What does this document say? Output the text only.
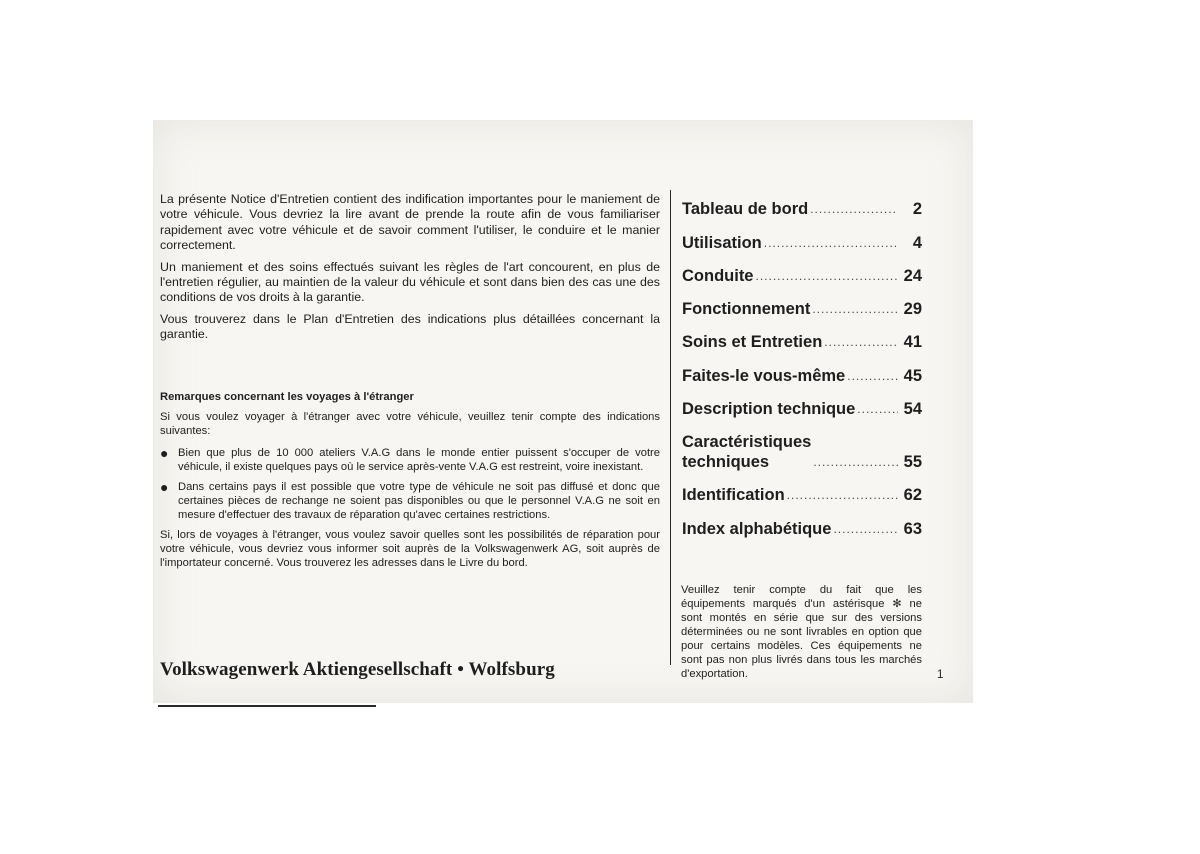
La présente Notice d'Entretien contient des indification importantes pour le maniement de votre véhicule. Vous devriez la lire avant de prende la route afin de vous familiariser rapidement avec votre véhicule et de savoir comment l'utiliser, le conduire et le manier correctement.

Un maniement et des soins effectués suivant les règles de l'art concourent, en plus de l'entretien régulier, au maintien de la valeur du véhicule et sont dans bien des cas une des conditions de vos droits à la garantie.

Vous trouverez dans le Plan d'Entretien des indications plus détaillées concernant la garantie.

Remarques concernant les voyages à l'étranger

Si vous voulez voyager à l'étranger avec votre véhicule, veuillez tenir compte des indications suivantes:

● Bien que plus de 10 000 ateliers V.A.G dans le monde entier puissent s'occuper de votre véhicule, il existe quelques pays où le service après-vente V.A.G est restreint, voire inexistant.
● Dans certains pays il est possible que votre type de véhicule ne soit pas diffusé et donc que certaines pièces de rechange ne soient pas disponibles ou que le personnel V.A.G ne soit en mesure d'effectuer des travaux de réparation qu'avec certaines restrictions.

Si, lors de voyages à l'étranger, vous voulez savoir quelles sont les possibilités de réparation pour votre véhicule, vous devriez vous informer soit auprès de la Volkswagenwerk AG, soit auprès de l'importateur concerné. Vous trouverez les adresses dans le Livre du bord.

Volkswagenwerk Aktiengesellschaft • Wolfsburg
Tableau de bord .....	2
Utilisation .....	4
Conduite .....	24
Fonctionnement .....	29
Soins et Entretien .....	41
Faites-le vous-même .....	45
Description technique .....	54
Caractéristiques
techniques .....	55
Identification .....	62
Index alphabétique .....	63
Veuillez tenir compte du fait que les équipements marqués d'un astérisque ✻ ne sont montés en série que sur des versions déterminées ou ne sont livrables en option que pour certains modèles. Ces équipements ne sont pas non plus livrés dans tous les marchés d'exportation.	1
